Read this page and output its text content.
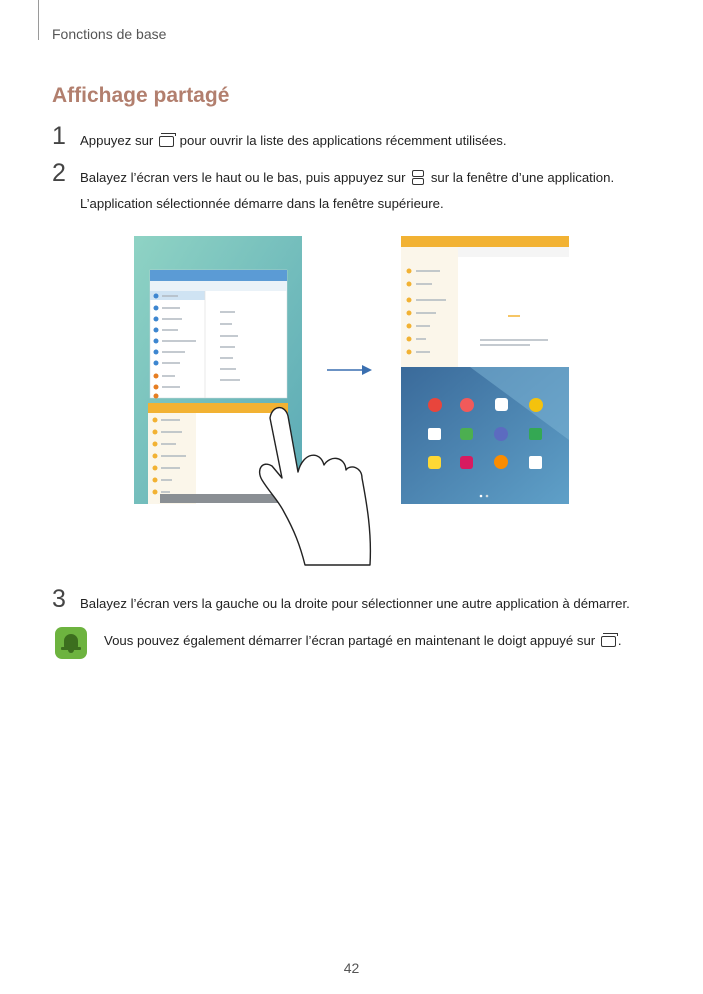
Fonctions de base
Affichage partagé
1 Appuyez sur pour ouvrir la liste des applications récemment utilisées.
2 Balayez l’écran vers le haut ou le bas, puis appuyez sur sur la fenêtre d’une application.
L’application sélectionnée démarre dans la fenêtre supérieure.
3 Balayez l’écran vers la gauche ou la droite pour sélectionner une autre application à démarrer.
Vous pouvez également démarrer l’écran partagé en maintenant le doigt appuyé sur .
42
